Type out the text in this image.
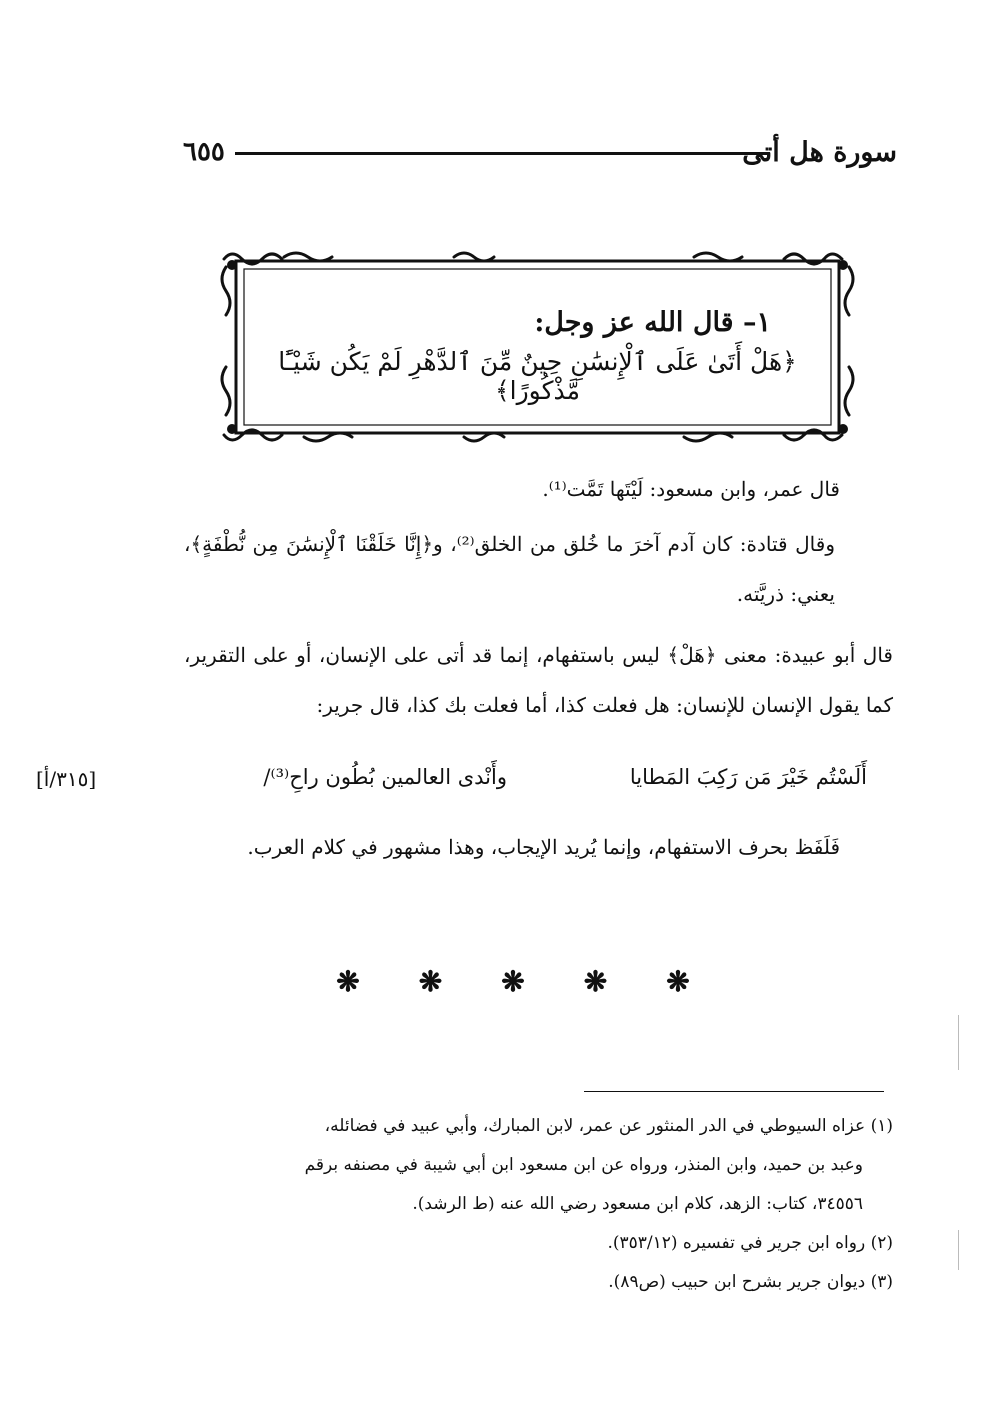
سورة هل أتى
٦٥٥
١– قال الله عز وجل:
﴿هَلْ أَتَىٰ عَلَى ٱلْإِنسَٰنِ حِينٌ مِّنَ ٱلدَّهْرِ لَمْ يَكُن شَيْـًٔا مَّذْكُورًا﴾
قال عمر، وابن مسعود: لَيْتَها تَمَّت⁽¹⁾.
وقال قتادة: كان آدم آخرَ ما خُلق من الخلق⁽²⁾، و﴿إِنَّا خَلَقْنَا ٱلْإِنسَٰنَ مِن نُّطْفَةٍ﴾، يعني: ذريَّته.
قال أبو عبيدة: معنى ﴿هَلْ﴾ ليس باستفهام، إنما قد أتى على الإنسان، أو على التقرير، كما يقول الإنسان للإنسان: هل فعلت كذا، أما فعلت بك كذا، قال جرير:
أَلَسْتُم خَيْرَ مَن رَكِبَ المَطايا
وأَنْدى العالمين بُطُون راحِ⁽³⁾/
[٣١٥/أ]
فَلَفَظ بحرف الاستفهام، وإنما يُريد الإيجاب، وهذا مشهور في كلام العرب.
❋ ❋ ❋ ❋ ❋
(١) عزاه السيوطي في الدر المنثور عن عمر، لابن المبارك، وأبي عبيد في فضائله،
وعبد بن حميد، وابن المنذر، ورواه عن ابن مسعود ابن أبي شيبة في مصنفه برقم
٣٤٥٥٦، كتاب: الزهد، كلام ابن مسعود رضي الله عنه (ط الرشد).
(٢) رواه ابن جرير في تفسيره (٣٥٣/١٢).
(٣) ديوان جرير بشرح ابن حبيب (ص٨٩).
